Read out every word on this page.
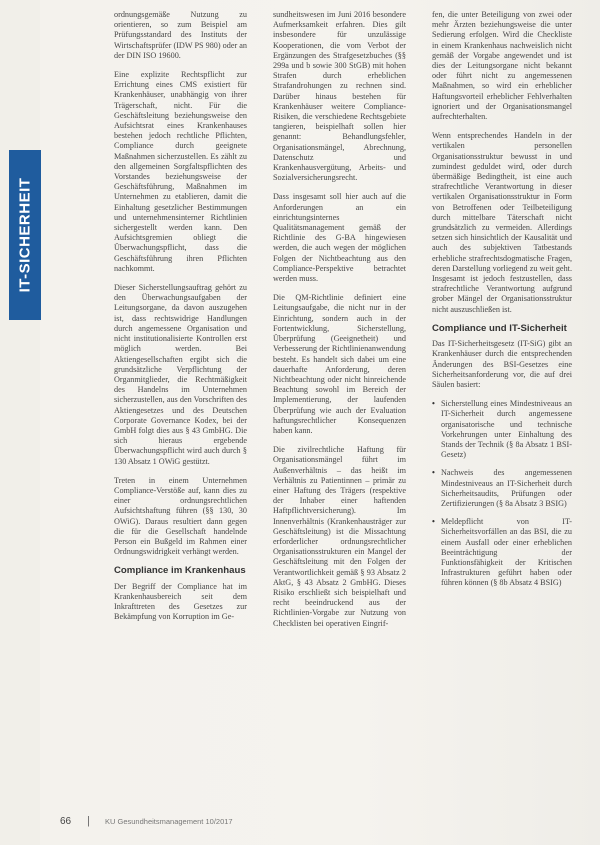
IT-SICHERHEIT

ordnungsgemäße Nutzung zu orientieren, so zum Beispiel am Prüfungsstandard des Instituts der Wirtschaftsprüfer (IDW PS 980) oder an der DIN ISO 19600.

Eine explizite Rechtspflicht zur Errichtung eines CMS existiert für Krankenhäuser, unabhängig von ihrer Trägerschaft, nicht. Für die Geschäftsleitung beziehungsweise den Aufsichtsrat eines Krankenhauses bestehen jedoch rechtliche Pflichten, Compliance durch geeignete Maßnahmen sicherzustellen. Es zählt zu den allgemeinen Sorgfaltspflichten des Vorstandes beziehungsweise der Geschäftsführung, Maßnahmen im Unternehmen zu etablieren, damit die Einhaltung gesetzlicher Bestimmungen und unternehmensinterner Richtlinien sichergestellt werden kann. Den Aufsichtsgremien obliegt die Überwachungspflicht, dass die Geschäftsführung ihren Pflichten nachkommt.

Dieser Sicherstellungsauftrag gehört zu den Überwachungsaufgaben der Leitungsorgane, da davon auszugehen ist, dass rechtswidrige Handlungen durch angemessene Organisation und nicht institutionalisierte Kontrollen erst möglich werden. Bei Aktiengesellschaften ergibt sich die grundsätzliche Verpflichtung der Organmitglieder, die Rechtmäßigkeit des Handelns im Unternehmen sicherzustellen, aus den Vorschriften des Aktiengesetzes und des Deutschen Corporate Governance Kodex, bei der GmbH folgt dies aus § 43 GmbHG. Die sich hieraus ergebende Überwachungspflicht wird auch durch § 130 Absatz 1 OWiG gestützt.

Treten in einem Unternehmen Compliance-Verstöße auf, kann dies zu einer ordnungsrechtlichen Aufsichtshaftung führen (§§ 130, 30 OWiG). Daraus resultiert dann gegen die für die Gesellschaft handelnde Person ein Bußgeld im Rahmen einer Ordnungswidrigkeit verhängt werden.

Compliance im Krankenhaus

Der Begriff der Compliance hat im Krankenhausbereich seit dem Inkrafttreten des Gesetzes zur Bekämpfung von Korruption im Ge-

sundheitswesen im Juni 2016 besondere Aufmerksamkeit erfahren. Dies gilt insbesondere für unzulässige Kooperationen, die vom Verbot der Ergänzungen des Strafgesetzbuches (§§ 299a und b sowie 300 StGB) mit hohen Strafen durch erheblichen Strafandrohungen zu rechnen sind. Darüber hinaus bestehen für Krankenhäuser weitere Compliance-Risiken, die verschiedene Rechtsgebiete tangieren, beispielhaft sollen hier genannt: Behandlungsfehler, Organisationsmängel, Abrechnung, Datenschutz und Krankenhausvergütung, Arbeits- und Sozialversicherungsrecht.

Dass insgesamt soll hier auch auf die Anforderungen an ein einrichtungsinternes Qualitätsmanagement gemäß der Richtlinie des G-BA hingewiesen werden, die auch wegen der möglichen Folgen der Nichtbeachtung aus den Compliance-Perspektive betrachtet werden muss.

Die QM-Richtlinie definiert eine Leitungsaufgabe, die nicht nur in der Einrichtung, sondern auch in der Fortentwicklung, Sicherstellung, Überprüfung (Geeignetheit) und Verbesserung der Richtlinienanwendung besteht. Es handelt sich dabei um eine dauerhafte Anforderung, deren Nichtbeachtung oder nicht hinreichende Beachtung sowohl im Bereich der Implementierung, der laufenden Überprüfung wie auch der Evaluation haftungsrechtlicher Konsequenzen haben kann.

Die zivilrechtliche Haftung für Organisationsmängel führt im Außenverhältnis – das heißt im Verhältnis zu Patientinnen – primär zu einer Haftung des Trägers (respektive der Inhaber einer haftenden Haftpflichtversicherung). Im Innenverhältnis (Krankenhausträger zur Geschäftsleitung) ist die Missachtung erforderlicher ordnungsrechtlicher Organisationsstrukturen ein Mangel der Geschäftsleitung mit den Folgen der Verantwortlichkeit gemäß § 93 Absatz 2 AktG, § 43 Absatz 2 GmbHG. Dieses Risiko erschließt sich beispielhaft und recht beeindruckend aus der Richtlinien-Vorgabe zur Nutzung von Checklisten bei operativen Eingrif-

fen, die unter Beteiligung von zwei oder mehr Ärzten beziehungsweise die unter Sedierung erfolgen. Wird die Checkliste in einem Krankenhaus nachweislich nicht gemäß der Vorgabe angewendet und ist dies der Leitungsorgane nicht bekannt oder führt nicht zu angemessenen Maßnahmen, so wird ein erheblicher Haftungsvorteil erheblicher Fehlverhalten ignoriert und der Organisationsmangel aufrechterhalten.

Wenn entsprechendes Handeln in der vertikalen personellen Organisationsstruktur bewusst in und zumindest geduldet wird, oder durch übermäßige Bedingtheit, ist eine auch strafrechtliche Verantwortung in dieser vertikalen Organisationsstruktur in Form von Betroffenen oder Teilbeteiligung durch mittelbare Täterschaft nicht grundsätzlich zu vermeiden. Allerdings setzen sich hinsichtlich der Kausalität und auch des subjektiven Tatbestands erhebliche strafrechtsdogmatische Fragen, deren Darstellung vorliegend zu weit geht. Insgesamt ist jedoch festzustellen, dass strafrechtliche Verantwortung aufgrund grober Mängel der Organisationsstruktur nicht auszuschließen ist.

Compliance und IT-Sicherheit

Das IT-Sicherheitsgesetz (IT-SiG) gibt an Krankenhäuser durch die entsprechenden Änderungen des BSI-Gesetzes eine Sicherheitsanforderung vor, die auf drei Säulen basiert:

• Sicherstellung eines Mindestniveaus an IT-Sicherheit durch angemessene organisatorische und technische Vorkehrungen unter Einhaltung des Stands der Technik (§ 8a Absatz 1 BSI-Gesetz)
• Nachweis des angemessenen Mindestniveaus an IT-Sicherheit durch Sicherheitsaudits, Prüfungen oder Zertifizierungen (§ 8a Absatz 3 BSIG)
• Meldepflicht von IT-Sicherheitsvorfällen an das BSI, die zu einem Ausfall oder einer erheblichen Beeinträchtigung der Funktionsfähigkeit der Kritischen Infrastrukturen geführt haben oder führen können (§ 8b Absatz 4 BSIG)
66 | KU Gesundheitsmanagement 10/2017
